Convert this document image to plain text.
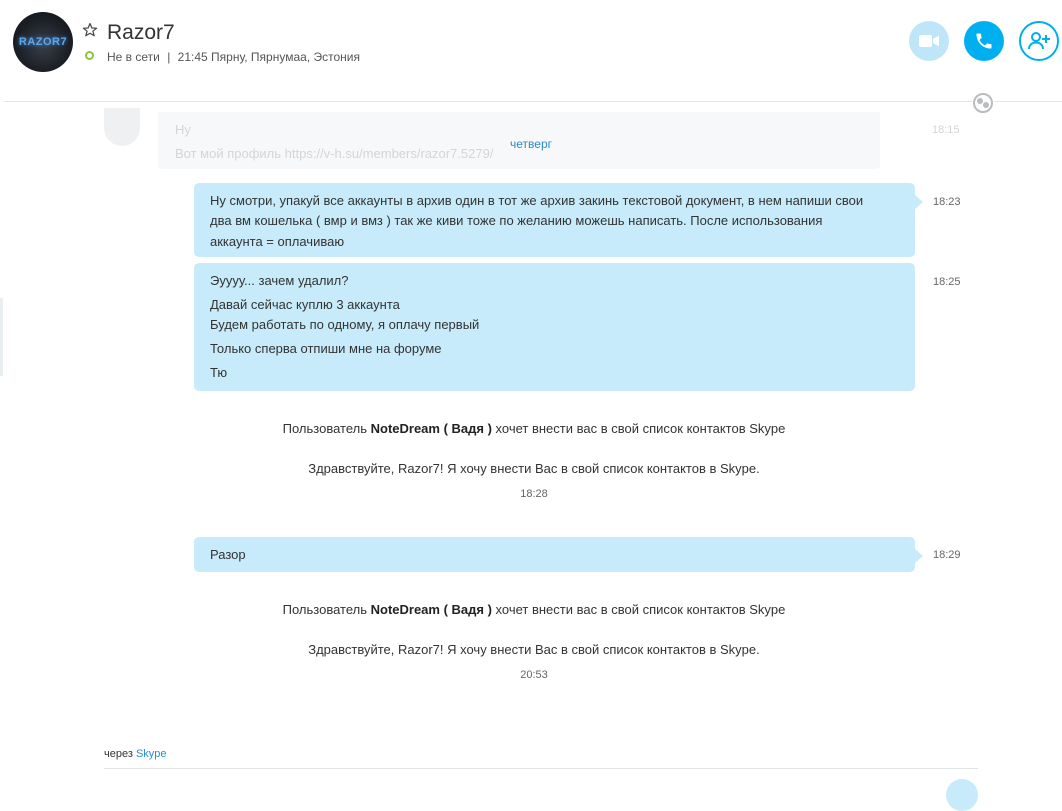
RAZOR7 Razor7
Не в сети | 21:45 Пярну, Пярнумаа, Эстония
Ну
Вот мой профиль https://v-h.su/members/razor7.5279/
18:15
четверг
Ну смотри, упакуй все аккаунты в архив один в тот же архив закинь текстовой документ, в нем напиши свои
два вм кошелька ( вмр и вмз ) так же киви тоже по желанию можешь написать. После использования
аккаунта = оплачиваю
18:23
Эуууу... зачем удалил?
Давай сейчас куплю 3 аккаунта
Будем работать по одному, я оплачу первый
Только сперва отпиши мне на форуме
Тю
18:25
Пользователь NoteDream ( Вадя ) хочет внести вас в свой список контактов Skype
Здравствуйте, Razor7! Я хочу внести Вас в свой список контактов в Skype.
18:28
Разор	18:29
Пользователь NoteDream ( Вадя ) хочет внести вас в свой список контактов Skype
Здравствуйте, Razor7! Я хочу внести Вас в свой список контактов в Skype.
20:53
через Skype
